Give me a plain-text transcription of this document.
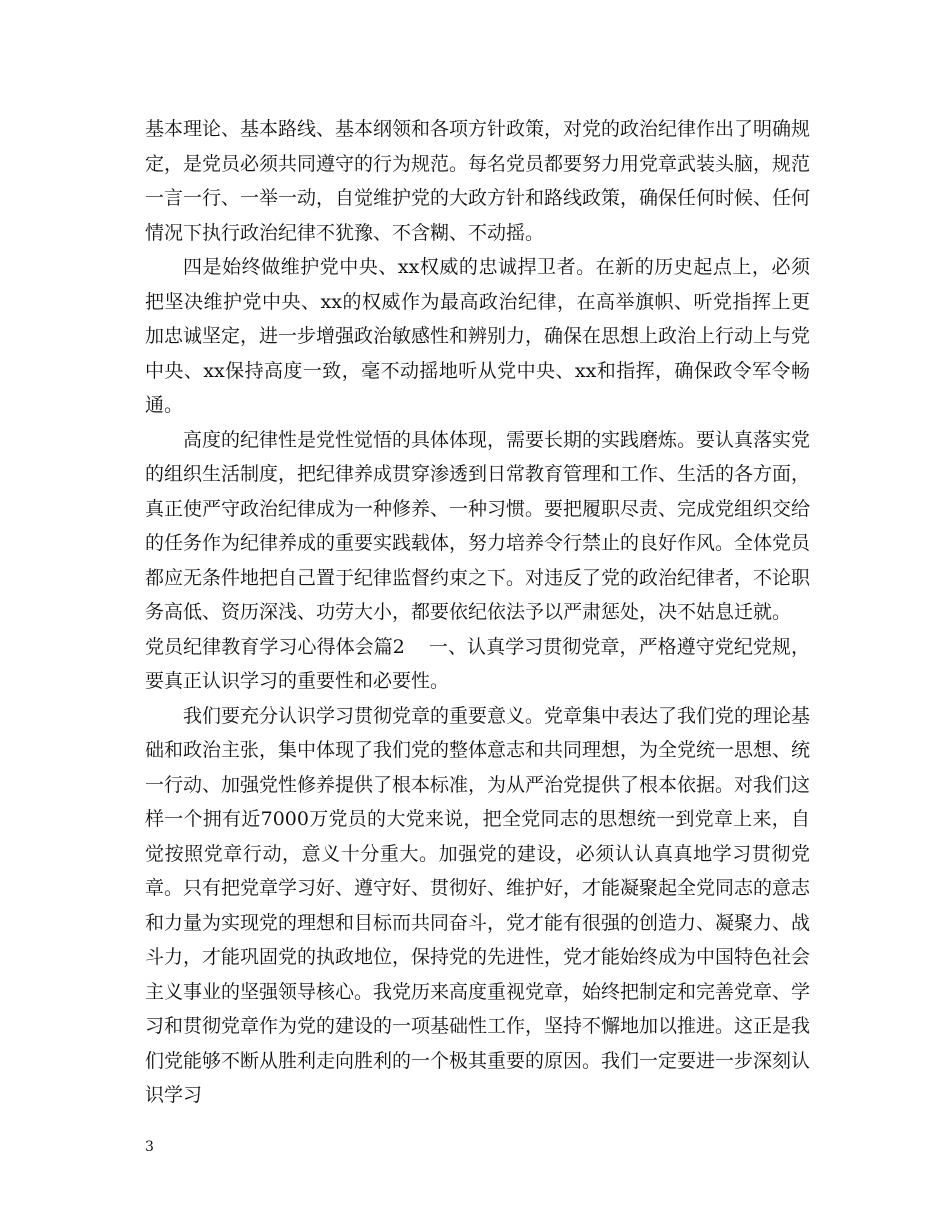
基本理论、基本路线、基本纲领和各项方针政策，对党的政治纪律作出了明确规定，是党员必须共同遵守的行为规范。每名党员都要努力用党章武装头脑，规范一言一行、一举一动，自觉维护党的大政方针和路线政策，确保任何时候、任何情况下执行政治纪律不犹豫、不含糊、不动摇。

四是始终做维护党中央、xx权威的忠诚捍卫者。在新的历史起点上，必须把坚决维护党中央、xx的权威作为最高政治纪律，在高举旗帜、听党指挥上更加忠诚坚定，进一步增强政治敏感性和辨别力，确保在思想上政治上行动上与党中央、xx保持高度一致，毫不动摇地听从党中央、xx和指挥，确保政令军令畅通。

高度的纪律性是党性觉悟的具体体现，需要长期的实践磨炼。要认真落实党的组织生活制度，把纪律养成贯穿渗透到日常教育管理和工作、生活的各方面，真正使严守政治纪律成为一种修养、一种习惯。要把履职尽责、完成党组织交给的任务作为纪律养成的重要实践载体，努力培养令行禁止的良好作风。全体党员都应无条件地把自己置于纪律监督约束之下。对违反了党的政治纪律者，不论职务高低、资历深浅、功劳大小，都要依纪依法予以严肃惩处，决不姑息迁就。

党员纪律教育学习心得体会篇2 一、认真学习贯彻党章，严格遵守党纪党规，要真正认识学习的重要性和必要性。

我们要充分认识学习贯彻党章的重要意义。党章集中表达了我们党的理论基础和政治主张，集中体现了我们党的整体意志和共同理想，为全党统一思想、统一行动、加强党性修养提供了根本标准，为从严治党提供了根本依据。对我们这样一个拥有近7000万党员的大党来说，把全党同志的思想统一到党章上来，自觉按照党章行动，意义十分重大。加强党的建设，必须认认真真地学习贯彻党章。只有把党章学习好、遵守好、贯彻好、维护好，才能凝聚起全党同志的意志和力量为实现党的理想和目标而共同奋斗，党才能有很强的创造力、凝聚力、战斗力，才能巩固党的执政地位，保持党的先进性，党才能始终成为中国特色社会主义事业的坚强领导核心。我党历来高度重视党章，始终把制定和完善党章、学习和贯彻党章作为党的建设的一项基础性工作，坚持不懈地加以推进。这正是我们党能够不断从胜利走向胜利的一个极其重要的原因。我们一定要进一步深刻认识学习

3
